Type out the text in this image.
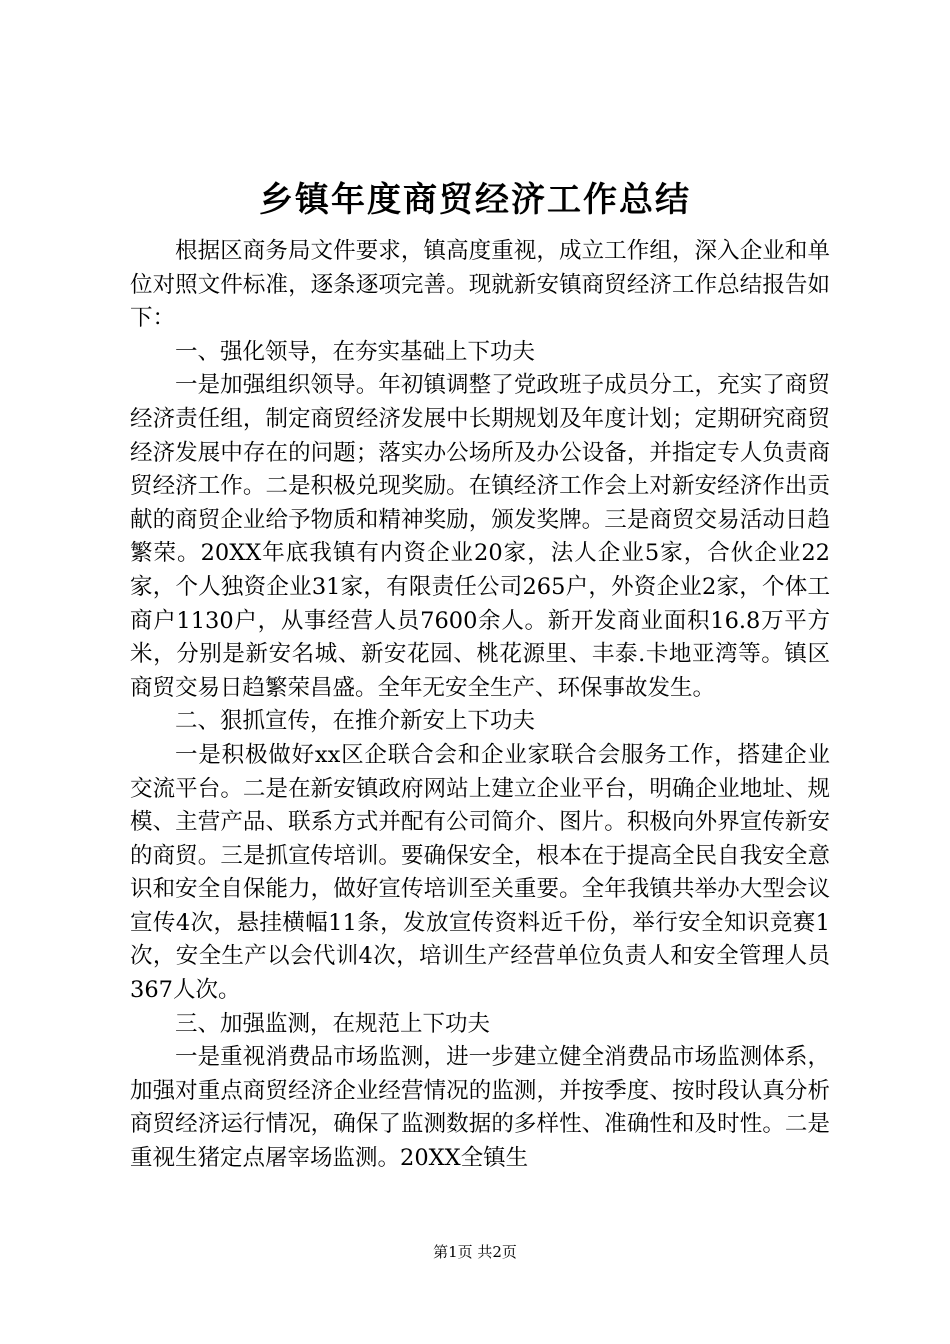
乡镇年度商贸经济工作总结

根据区商务局文件要求，镇高度重视，成立工作组，深入企业和单位对照文件标准，逐条逐项完善。现就新安镇商贸经济工作总结报告如下：

一、强化领导，在夯实基础上下功夫

一是加强组织领导。年初镇调整了党政班子成员分工，充实了商贸经济责任组，制定商贸经济发展中长期规划及年度计划；定期研究商贸经济发展中存在的问题；落实办公场所及办公设备，并指定专人负责商贸经济工作。二是积极兑现奖励。在镇经济工作会上对新安经济作出贡献的商贸企业给予物质和精神奖励，颁发奖牌。三是商贸交易活动日趋繁荣。20XX年底我镇有内资企业20家，法人企业5家，合伙企业22家，个人独资企业31家，有限责任公司265户，外资企业2家，个体工商户1130户，从事经营人员7600余人。新开发商业面积16.8万平方米，分别是新安名城、新安花园、桃花源里、丰泰.卡地亚湾等。镇区商贸交易日趋繁荣昌盛。全年无安全生产、环保事故发生。

二、狠抓宣传，在推介新安上下功夫

一是积极做好xx区企联合会和企业家联合会服务工作，搭建企业交流平台。二是在新安镇政府网站上建立企业平台，明确企业地址、规模、主营产品、联系方式并配有公司简介、图片。积极向外界宣传新安的商贸。三是抓宣传培训。要确保安全，根本在于提高全民自我安全意识和安全自保能力，做好宣传培训至关重要。全年我镇共举办大型会议宣传4次，悬挂横幅11条，发放宣传资料近千份，举行安全知识竞赛1次，安全生产以会代训4次，培训生产经营单位负责人和安全管理人员367人次。

三、加强监测，在规范上下功夫

一是重视消费品市场监测，进一步建立健全消费品市场监测体系，加强对重点商贸经济企业经营情况的监测，并按季度、按时段认真分析商贸经济运行情况，确保了监测数据的多样性、准确性和及时性。二是重视生猪定点屠宰场监测。20XX全镇生

第1页 共2页
